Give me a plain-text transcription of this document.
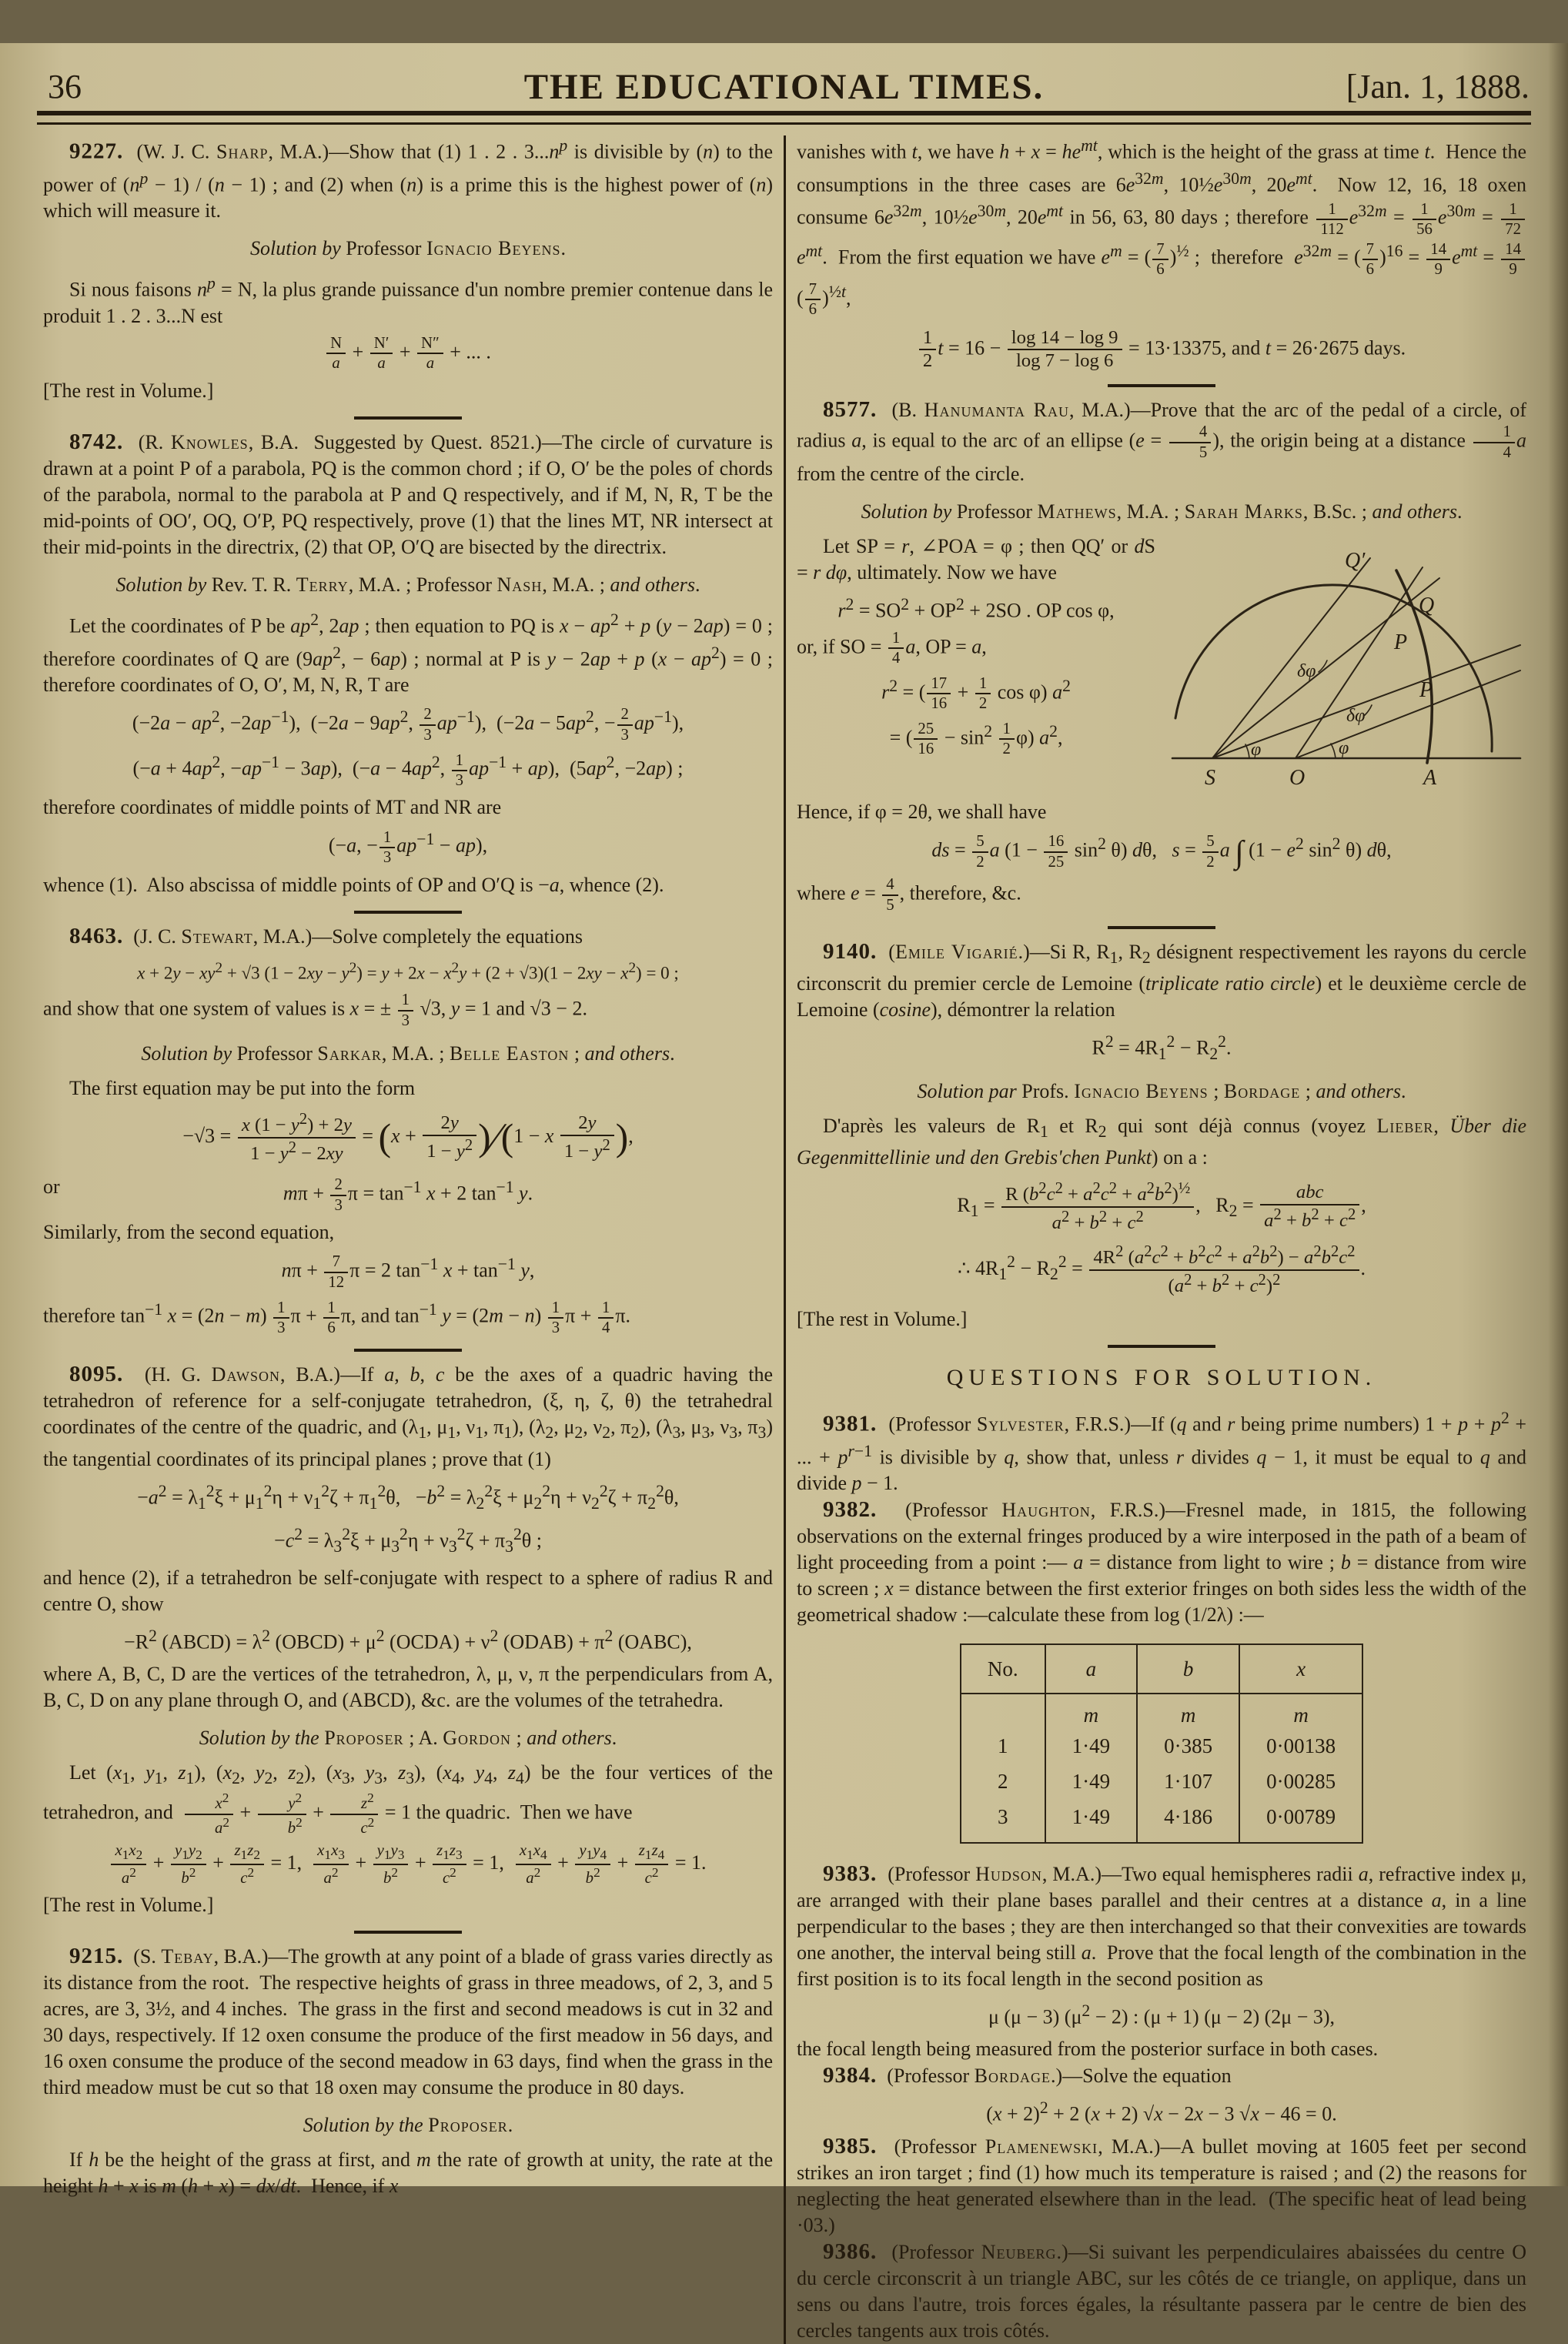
36	THE EDUCATIONAL TIMES.	[Jan. 1, 1888.

9227.  (W. J. C. Sharp, M.A.)—Show that (1) 1 . 2 . $3...n^p$ is divisible by (n) to the power of $(n^p - 1) / (n - 1)$ ; and (2) when (n) is a prime this is the highest power of (n) which will measure it.

Solution by Professor Ignacio Beyens.

Si nous faisons $n^p = N$, la plus grande puissance d'un nombre premier contenue dans le produit 1 . 2 . 3...N est

$\frac{N}{a} + \frac{N'}{a} + \frac{N''}{a}$ + ... .

[The rest in Volume.]

8742.  (R. Knowles, B.A.  Suggested by Quest. 8521.)—The circle of curvature is drawn at a point P of a parabola, PQ is the common chord ; if O, O′ be the poles of chords of the parabola, normal to the parabola at P and Q respectively, and if M, N, R, T be the mid-points of OO′, OQ, O′P, PQ respectively, prove (1) that the lines MT, NR intersect at their mid-points in the directrix, (2) that OP, O′Q are bisected by the directrix.

Solution by Rev. T. R. Terry, M.A. ; Professor Nash, M.A. ; and others.

Let the coordinates of P be $ap^2$, 2ap ; then equation to PQ is $x - ap^2 + p$ (y − 2ap) = 0 ; therefore coordinates of Q are ($9ap^2$, − 6ap) ; normal at P is y − 2ap + p $(x - ap^2) = 0$ ; therefore coordinates of O, O′, M, N, R, T are

($-2a - ap^2$, $-2ap^{-1}$),  ($-2a - 9ap^2$, $\frac{2}{3} ap^{-1}$),  ($-2a - 5ap^2$, − $\frac{2}{3} ap^{-1}$),
($-a + 4ap^2$, $-ap^{-1} - 3ap$),  ($-a - 4ap^2$, $\frac{1}{3} ap^{-1} + ap$),  ($5ap^2$, −2ap) ;

therefore coordinates of middle points of MT and NR are

(−a, − $\frac{1}{3} ap^{-1} - ap$),

whence (1).  Also abscissa of middle points of OP and O′Q is −a, whence (2).

8463.  (J. C. Stewart, M.A.)—Solve completely the equations

$x + 2y - xy^2 + √3$ $(1 - 2xy - y^2) = y + 2x - x^2y + (2 + √3)(1 - 2xy - x^2) = 0$ ;

and show that one system of values is x = ± $\frac{1}{3} √3$, y = 1 and √3 − 2.

Solution by Professor Sarkar, M.A. ; Belle Easton ; and others.

The first equation may be put into the form

$-√3 = \frac{x (1 - y^2) + 2y}{1 - y^2 - 2xy} = (x + \frac{2y}{1 - y^2}$ )∕(1 − x $\frac{2y}{1 - y^2}$ ),
or	$m\pi + \frac{2}{3}$ $\pi = \tan^{-1} x + 2$ $\tan^{-1} y$.

Similarly, from the second equation,

$n\pi + \frac{7}{12}$ π = 2 $\tan^{-1} x + \tan^{-1} y$,

therefore $\tan^{-1} x = (2n - m) \frac{1}{3}$ $\pi + \frac{1}{6} \pi$, and $\tan^{-1} y = (2m - n) \frac{1}{3}$ $\pi + \frac{1}{4} \pi$.

8095.  (H. G. Dawson, B.A.)—If a, b, c be the axes of a quadric having the tetrahedron of reference for a self-conjugate tetrahedron, (ξ, η, ζ, θ) the tetrahedral coordinates of the centre of the quadric, and ($\lambda_1$, $\mu_1$, $\nu_1$, $\pi_1$), ($\lambda_2$, $\mu_2$, $\nu_2$, $\pi_2$), ($\lambda_3$, $\mu_3$, $\nu_3$, $\pi_3$) the tangential coordinates of its principal planes ; prove that (1)

$-a^2 = \lambda_1^2\xi + \mu_1^2\eta + \nu_1^2\zeta + \pi_1^2\theta$,   $-b^2 = \lambda_2^2\xi + \mu_2^2\eta + \nu_2^2\zeta + \pi_2^2\theta$,
$-c^2 = \lambda_3^2\xi + \mu_3^2\eta + \nu_3^2\zeta + \pi_3^2\theta$ ;

and hence (2), if a tetrahedron be self-conjugate with respect to a sphere of radius R and centre O, show

$-R^2$ (ABCD) = $\lambda^2$ (OBCD) + $\mu^2$ (OCDA) + $\nu^2$ (ODAB) + $\pi^2$ (OABC),

where A, B, C, D are the vertices of the tetrahedron, λ, μ, ν, π the perpendiculars from A, B, C, D on any plane through O, and (ABCD), &c. are the volumes of the tetrahedra.

Solution by the Proposer ; A. Gordon ; and others.

Let ($x_1$, $y_1$, $z_1$), ($x_2$, $y_2$, $z_2$), ($x_3$, $y_3$, $z_3$), ($x_4$, $y_4$, $z_4$) be the four vertices of the tetrahedron, and $\frac{x^2}{a^2} + \frac{y^2}{b^2} + \frac{z^2}{c^2} = 1$ the quadric.  Then we have

$\frac{x_1x_2}{a^2} + \frac{y_1y_2}{b^2} + \frac{z_1z_2}{c^2} = 1$, $\frac{x_1x_3}{a^2} + \frac{y_1y_3}{b^2} + \frac{z_1z_3}{c^2} = 1$, $\frac{x_1x_4}{a^2} + \frac{y_1y_4}{b^2} + \frac{z_1z_4}{c^2} = 1$.

[The rest in Volume.]

9215.  (S. Tebay, B.A.)—The growth at any point of a blade of grass varies directly as its distance from the root.  The respective heights of grass in three meadows, of 2, 3, and 5 acres, are 3, 3½, and 4 inches.  The grass in the first and second meadows is cut in 32 and 30 days, respectively. If 12 oxen consume the produce of the first meadow in 56 days, and 16 oxen consume the produce of the second meadow in 63 days, find when the grass in the third meadow must be cut so that 18 oxen may consume the produce in 80 days.

Solution by the Proposer.

If h be the height of the grass at first, and m the rate of growth at unity, the rate at the height h + x is m (h + x) = dx/dt.  Hence, if x

vanishes with t, we have $h + x = he^{mt}$, which is the height of the grass at time t.  Hence the consumptions in the three cases are $6e^{32m}$, $10\frac{1}{2}e^{30m}$, $20e^{mt}$.  Now 12, 16, 18 oxen consume $6e^{32m}$, $10\frac{1}{2}e^{30m}$, $20e^{mt}$ in 56, 63, 80 days ; therefore $\frac{1}{112} e^{32m} = \frac{1}{56} e^{30m} = \frac{1}{72}$
$e^{mt}$.  From the first equation we have $e^m$ = ( $\frac{7}{6} )^{\frac{1}{2}}$ ;  therefore  $e^{32m}$ = ( $\frac{7}{6} )^{16} = \frac{14}{9} e^{mt} = \frac{14}{9}$
( $\frac{7}{6} )^{\frac{1}{2}t}$,

$\frac{1}{2}$ $t = 16 - \frac{\log 14 - \log 9}{\log 7 - \log 6} = 13\cdot 13375$, and t = 26·2675 days.

8577.  (B. Hanumanta Rau, M.A.)—Prove that the arc of the pedal of a circle, of radius a, is equal to the arc of an ellipse ($e = \frac{4}{5}$ ), the origin being at a distance $\frac{1}{4}$ a from the centre of the circle.

Solution by Professor Mathews, M.A. ; Sarah Marks, B.Sc. ; and others.
Q′
Q
P
P
S	O	A
δφ
δφ
φ	φ

Let SP = r, ∠POA = φ ; then QQ′ or dS = r dφ, ultimately. Now we have

$r^2 = SO^2 + OP^2 + 2SO$ . OP cos φ,

or, if SO = $\frac{1}{4} a$, OP = a,

$r^2$ = ( $\frac{17}{16} + \frac{1}{2}$ cos φ) $a^2$
= ( $\frac{25}{16} - \sin^2 \frac{1}{2} \varphi$) $a^2$,

Hence, if φ = 2θ, we shall have

ds = $\frac{5}{2}$ a $(1 - \frac{16}{25} \sin^2 \theta)$ dθ,   $s = \frac{5}{2}$ a ∫ ($1 - e^2$ $\sin^2 \theta$) dθ,

where $e = \frac{4}{5}$ , therefore, &c.

9140.  (Emile Vigarié.)—Si R, $R_1$, $R_2$ désignent respectivement les rayons du cercle circonscrit du premier cercle de Lemoine (triplicate ratio circle) et le deuxième cercle de Lemoine (cosine), démontrer la relation

$R^2 = 4R_1^2 - R_2^2$.
Solution par Profs. Ignacio Beyens ; Bordage ; and others.

D'après les valeurs de $R_1$ et $R_2$ qui sont déjà connus (voyez Lieber, Über die Gegenmittellinie und den Grebis'chen Punkt) on a :

$R_1 = \frac{R (b^2c^2 + a^2c^2 + a^2b^2)^{\frac{1}{2}}}{a^2 + b^2 + c^2}$ ,   $R_2$ =
abc
$a^2 + b^2 + c^2$ ,
∴ $4R_1^2 - R_2^2 = \frac{4R^2 (a^2c^2 + b^2c^2 + a^2b^2) - a^2b^2c^2}{(a^2 + b^2 + c^2)^2}$ .

[The rest in Volume.]

QUESTIONS FOR SOLUTION.

9381.  (Professor Sylvester, F.R.S.)—If (q and r being prime numbers) $1 + p + p^2$ + ... + $p^{r-1}$ is divisible by q, show that, unless r divides q − 1, it must be equal to q and divide p − 1.

9382.  (Professor Haughton, F.R.S.)—Fresnel made, in 1815, the following observations on the external fringes produced by a wire interposed in the path of a beam of light proceeding from a point :— a = distance from light to wire ; b = distance from wire to screen ; x = distance between the first exterior fringes on both sides less the width of the geometrical shadow :—calculate these from log (1/2λ) :—

No.	a	b	x
	m	m	m
1	1·49	0·385	0·00138
2	1·49	1·107	0·00285
3	1·49	4·186	0·00789

9383.  (Professor Hudson, M.A.)—Two equal hemispheres radii a, refractive index μ, are arranged with their plane bases parallel and their centres at a distance a, in a line perpendicular to the bases ; they are then interchanged so that their convexities are towards one another, the interval being still a.  Prove that the focal length of the combination in the first position is to its focal length in the second position as

μ (μ − 3) $(\mu^2 - 2)$ : (μ + 1) (μ − 2) (2μ − 3),

the focal length being measured from the posterior surface in both cases.

9384.  (Professor Bordage.)—Solve the equation

$(x + 2)^2 + 2$ (x + 2) √x − 2x − 3 √x − 46 = 0.

9385.  (Professor Plamenewski, M.A.)—A bullet moving at 1605 feet per second strikes an iron target ; find (1) how much its temperature is raised ; and (2) the reasons for neglecting the heat generated elsewhere than in the lead.  (The specific heat of lead being ·03.)

9386.  (Professor Neuberg.)—Si suivant les perpendiculaires abaissées du centre O du cercle circonscrit à un triangle ABC, sur les côtés de ce triangle, on applique, dans un sens ou dans l'autre, trois forces égales, la résultante passera par le centre de bien des cercles tangents aux trois côtés.
